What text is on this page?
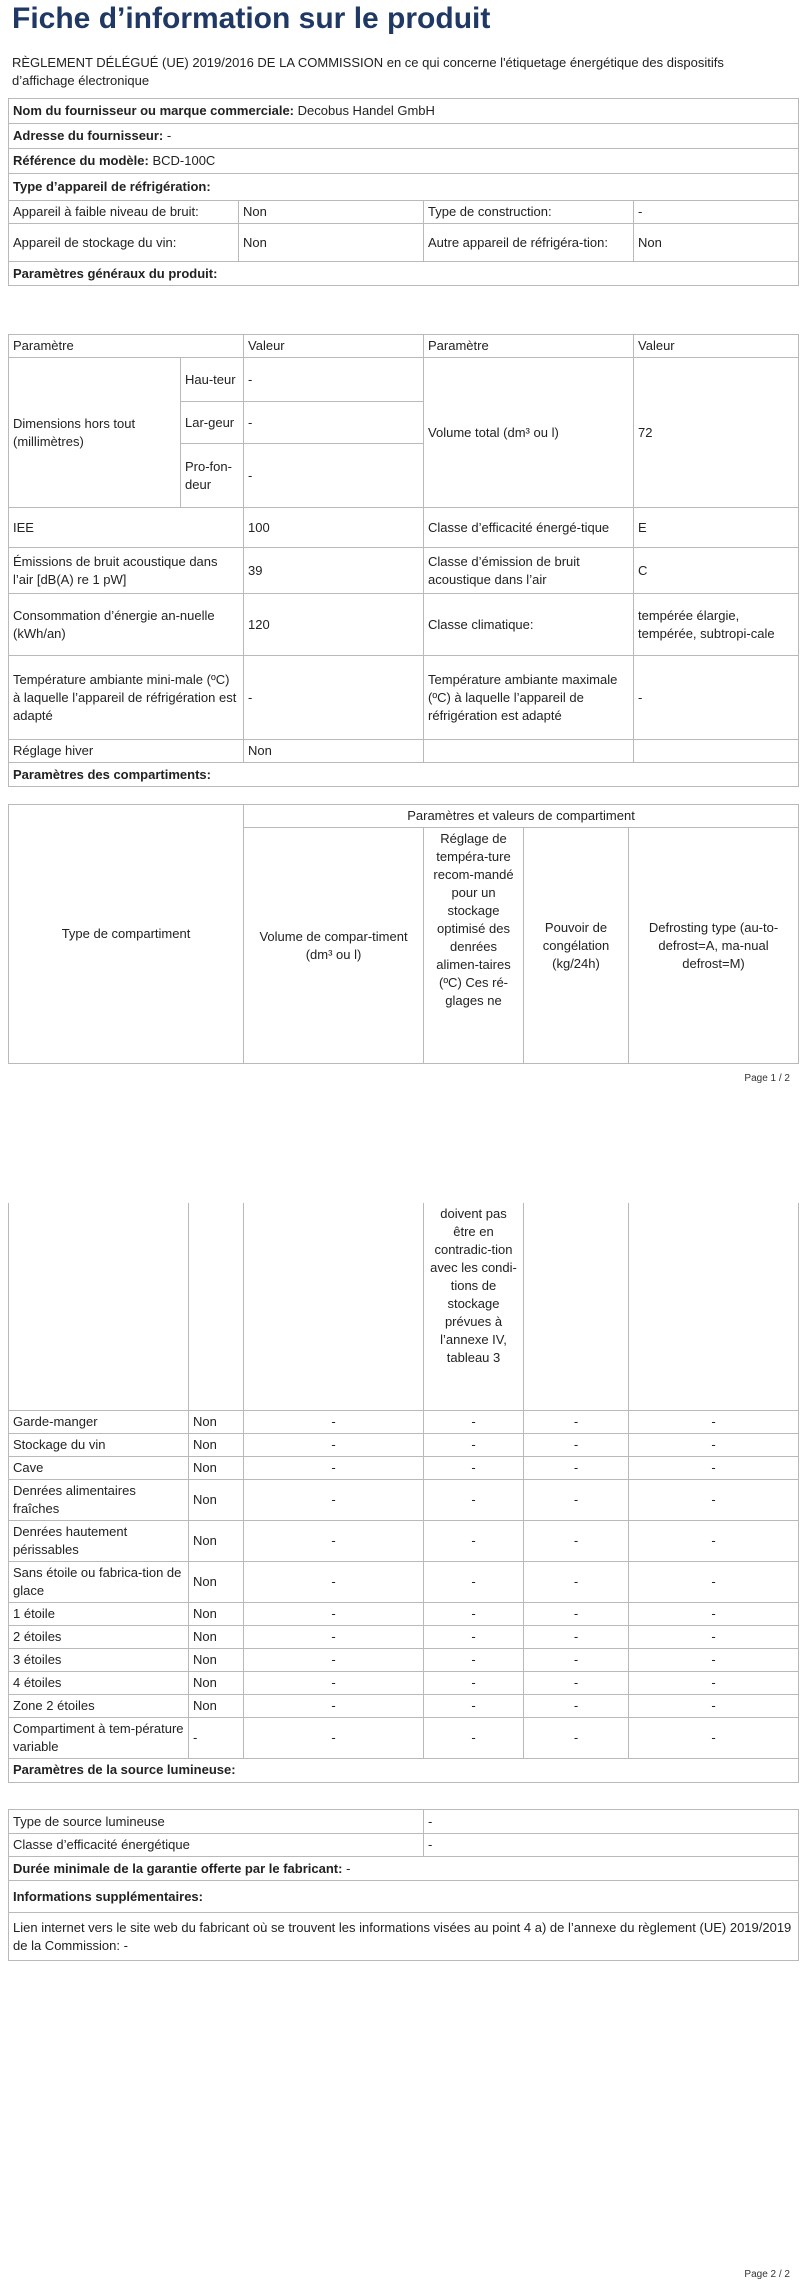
Fiche d’information sur le produit
RÈGLEMENT DÉLÉGUÉ (UE) 2019/2016 DE LA COMMISSION en ce qui concerne l'étiquetage énergétique des dispositifs d’affichage électronique
Nom du fournisseur ou marque commerciale: Decobus Handel GmbH			
Adresse du fournisseur: -			
Référence du modèle: BCD-100C			
Type d’appareil de réfrigération:			
Appareil à faible niveau de bruit:	Non	Type de construction:	-
Appareil de stockage du vin:	Non	Autre appareil de réfrigéra-tion:	Non
Paramètres généraux du produit:			
Paramètre		Valeur	Paramètre	Valeur
Dimensions hors tout (millimètres)	Hau-teur	-	Volume total (dm³ ou l)	72
	Lar-geur	-		
	Pro-fon-deur	-		
IEE		100	Classe d’efficacité énergé-tique	E
Émissions de bruit acoustique dans l’air [dB(A) re 1 pW]		39	Classe d’émission de bruit acoustique dans l’air	C
Consommation d’énergie an-nuelle (kWh/an)		120	Classe climatique:	tempérée élargie, tempérée, subtropi-cale
Température ambiante mini-male (ºC) à laquelle l’appareil de réfrigération est adapté		-	Température ambiante maximale (ºC) à laquelle l’appareil de réfrigération est adapté	-
Réglage hiver		Non		
Paramètres des compartiments:				
Type de compartiment	Paramètres et valeurs de compartiment			
	Volume de compar-timent (dm³ ou l)	Réglage de tempéra-ture recom-mandé pour un stockage optimisé des denrées alimen-taires (ºC) Ces ré-glages ne	Pouvoir de congélation (kg/24h)	Defrosting type (au-to-defrost=A, ma-nual defrost=M)
Page 1 / 2
			doivent pas être en contradic-tion avec les condi-tions de stockage prévues à l’annexe IV, tableau 3		
Garde-manger	Non	-	-	-	-
Stockage du vin	Non	-	-	-	-
Cave	Non	-	-	-	-
Denrées alimentaires fraîches	Non	-	-	-	-
Denrées hautement périssables	Non	-	-	-	-
Sans étoile ou fabrica-tion de glace	Non	-	-	-	-
1 étoile	Non	-	-	-	-
2 étoiles	Non	-	-	-	-
3 étoiles	Non	-	-	-	-
4 étoiles	Non	-	-	-	-
Zone 2 étoiles	Non	-	-	-	-
Compartiment à tem-pérature variable	-	-	-	-	-
Paramètres de la source lumineuse:					
Type de source lumineuse	-
Classe d’efficacité énergétique	-
Durée minimale de la garantie offerte par le fabricant: -	
Informations supplémentaires:	
Lien internet vers le site web du fabricant où se trouvent les informations visées au point 4 a) de l’annexe du règlement (UE) 2019/2019 de la Commission: -	
Page 2 / 2
